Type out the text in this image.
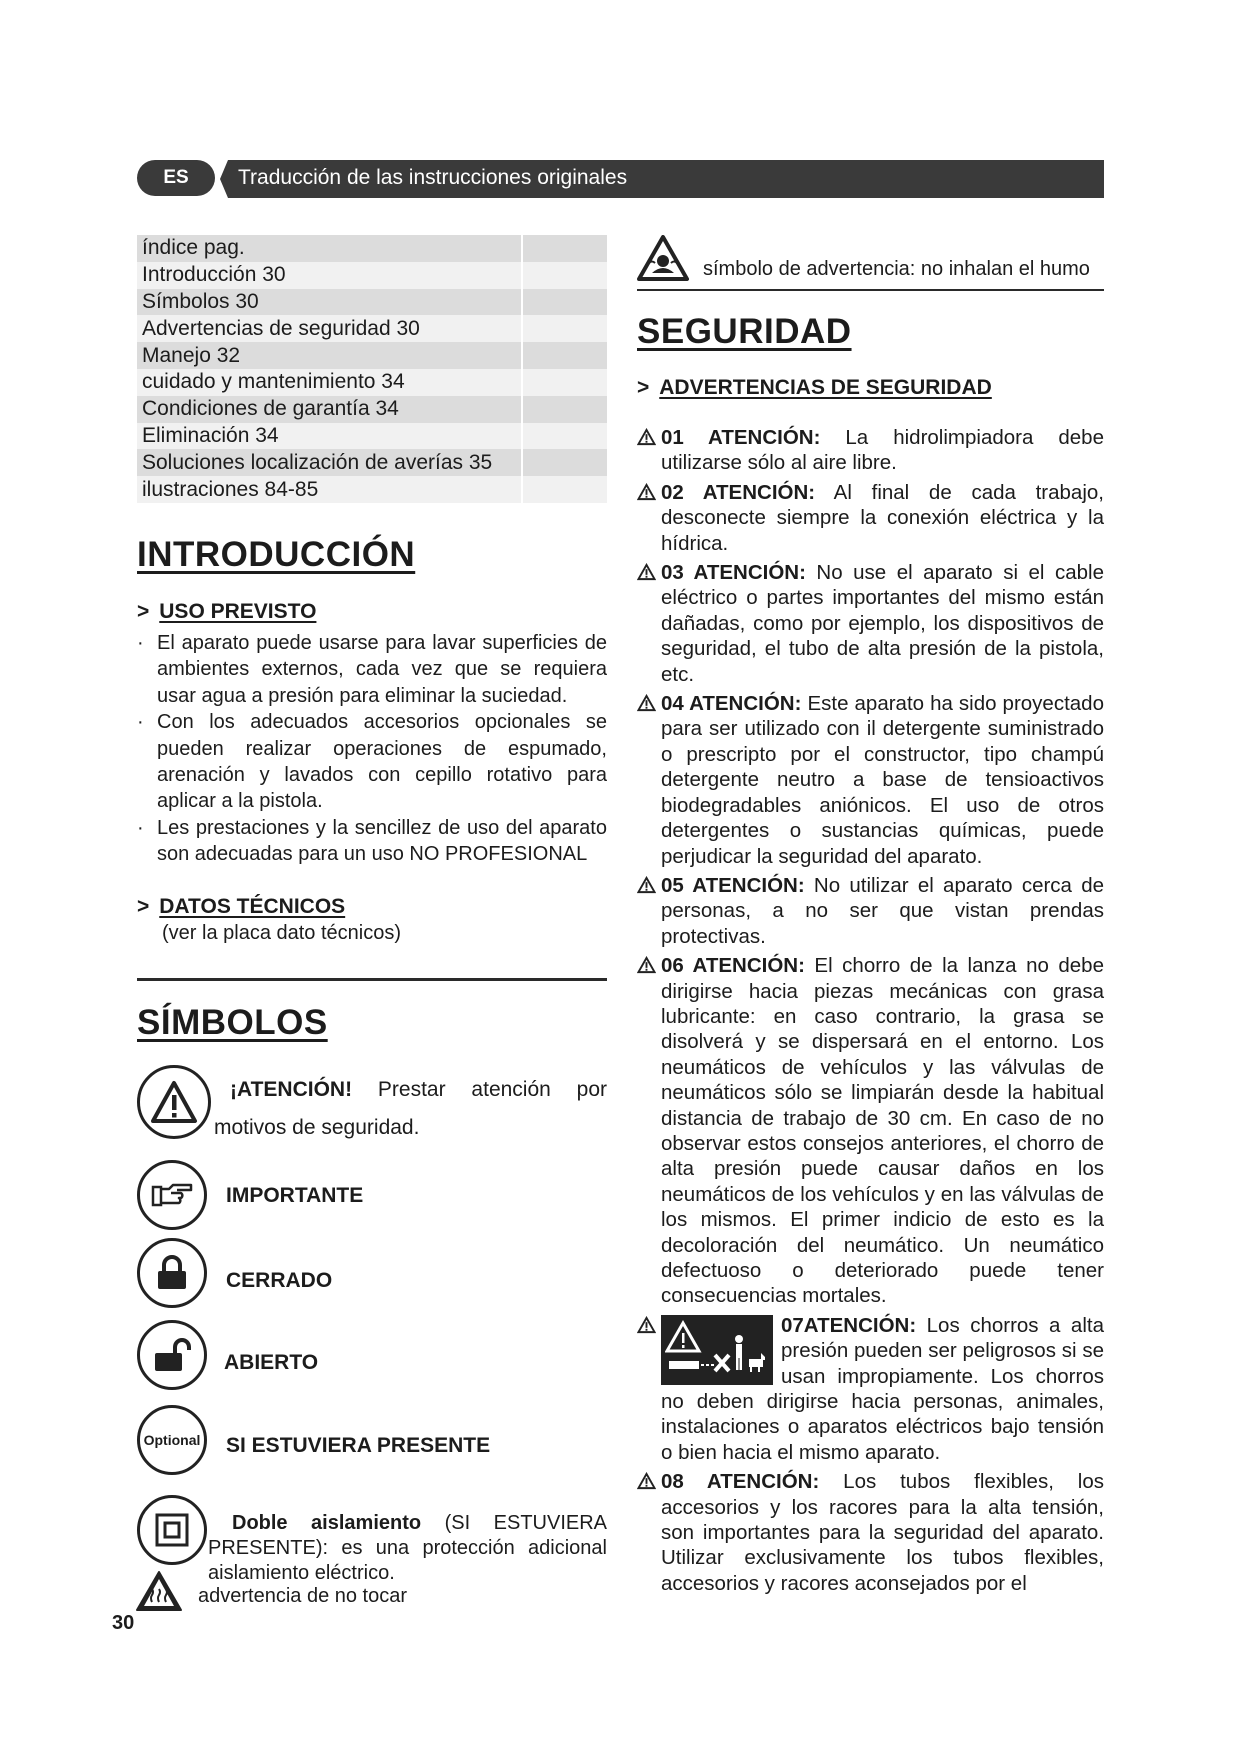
ES	Traducción de las instrucciones originales
índice pag.	
Introducción 30	
Símbolos 30	
Advertencias de seguridad 30	
Manejo 32	
cuidado y mantenimiento 34	
Condiciones de garantía 34	
Eliminación 34	
Soluciones localización de averías 35	
ilustraciones 84-85	
INTRODUCCIÓN
> USO PREVISTO
· El aparato puede usarse para lavar superficies de ambientes externos, cada vez que se requiera usar agua a presión para eliminar la suciedad.
· Con los adecuados accesorios opcionales se pueden realizar operaciones de espumado, arenación y lavados con cepillo rotativo para aplicar a la pistola.
· Les prestaciones y la sencillez de uso del aparato son adecuadas para un uso NO PROFESIONAL
> DATOS TÉCNICOS
(ver la placa dato técnicos)
SÍMBOLOS
¡ATENCIÓN! Prestar atención por motivos de seguridad.
IMPORTANTE
CERRADO
ABIERTO
Optional SI ESTUVIERA PRESENTE
Doble aislamiento (SI ESTUVIERA PRESENTE): es una protección adicional aislamiento eléctrico.
advertencia de no tocar
30
símbolo de advertencia: no inhalan el humo
SEGURIDAD
> ADVERTENCIAS DE SEGURIDAD

01 ATENCIÓN: La hidrolimpiadora debe utilizarse sólo al aire libre.

02 ATENCIÓN: Al final de cada trabajo, desconecte siempre la conexión eléctrica y la hídrica.

03 ATENCIÓN: No use el aparato si el cable eléctrico o partes importantes del mismo están dañadas, como por ejemplo, los dispositivos de seguridad, el tubo de alta presión de la pistola, etc.

04 ATENCIÓN: Este aparato ha sido proyectado para ser utilizado con il detergente suministrado o prescripto por el constructor, tipo champú detergente neutro a base de tensioactivos biodegradables aniónicos. El uso de otros detergentes o sustancias químicas, puede perjudicar la seguridad del aparato.

05 ATENCIÓN: No utilizar el aparato cerca de personas, a no ser que vistan prendas protectivas.

06 ATENCIÓN: El chorro de la lanza no debe dirigirse hacia piezas mecánicas con grasa lubricante: en caso contrario, la grasa se disolverá y se dispersará en el entorno. Los neumáticos de vehículos y las válvulas de neumáticos sólo se limpiarán desde la habitual distancia de trabajo de 30 cm. En caso de no observar estos consejos anteriores, el chorro de alta presión puede causar daños en los neumáticos de los vehículos y en las válvulas de los mismos. El primer indicio de esto es la decoloración del neumático. Un neumático defectuoso o deteriorado puede tener consecuencias mortales.

07ATENCIÓN: Los chorros a alta presión pueden ser peligrosos si se usan impropiamente. Los chorros no deben dirigirse hacia personas, animales, instalaciones o aparatos eléctricos bajo tensión o bien hacia el mismo aparato.

08 ATENCIÓN: Los tubos flexibles, los accesorios y los racores para la alta tensión, son importantes para la seguridad del aparato. Utilizar exclusivamente los tubos flexibles, accesorios y racores aconsejados por el
